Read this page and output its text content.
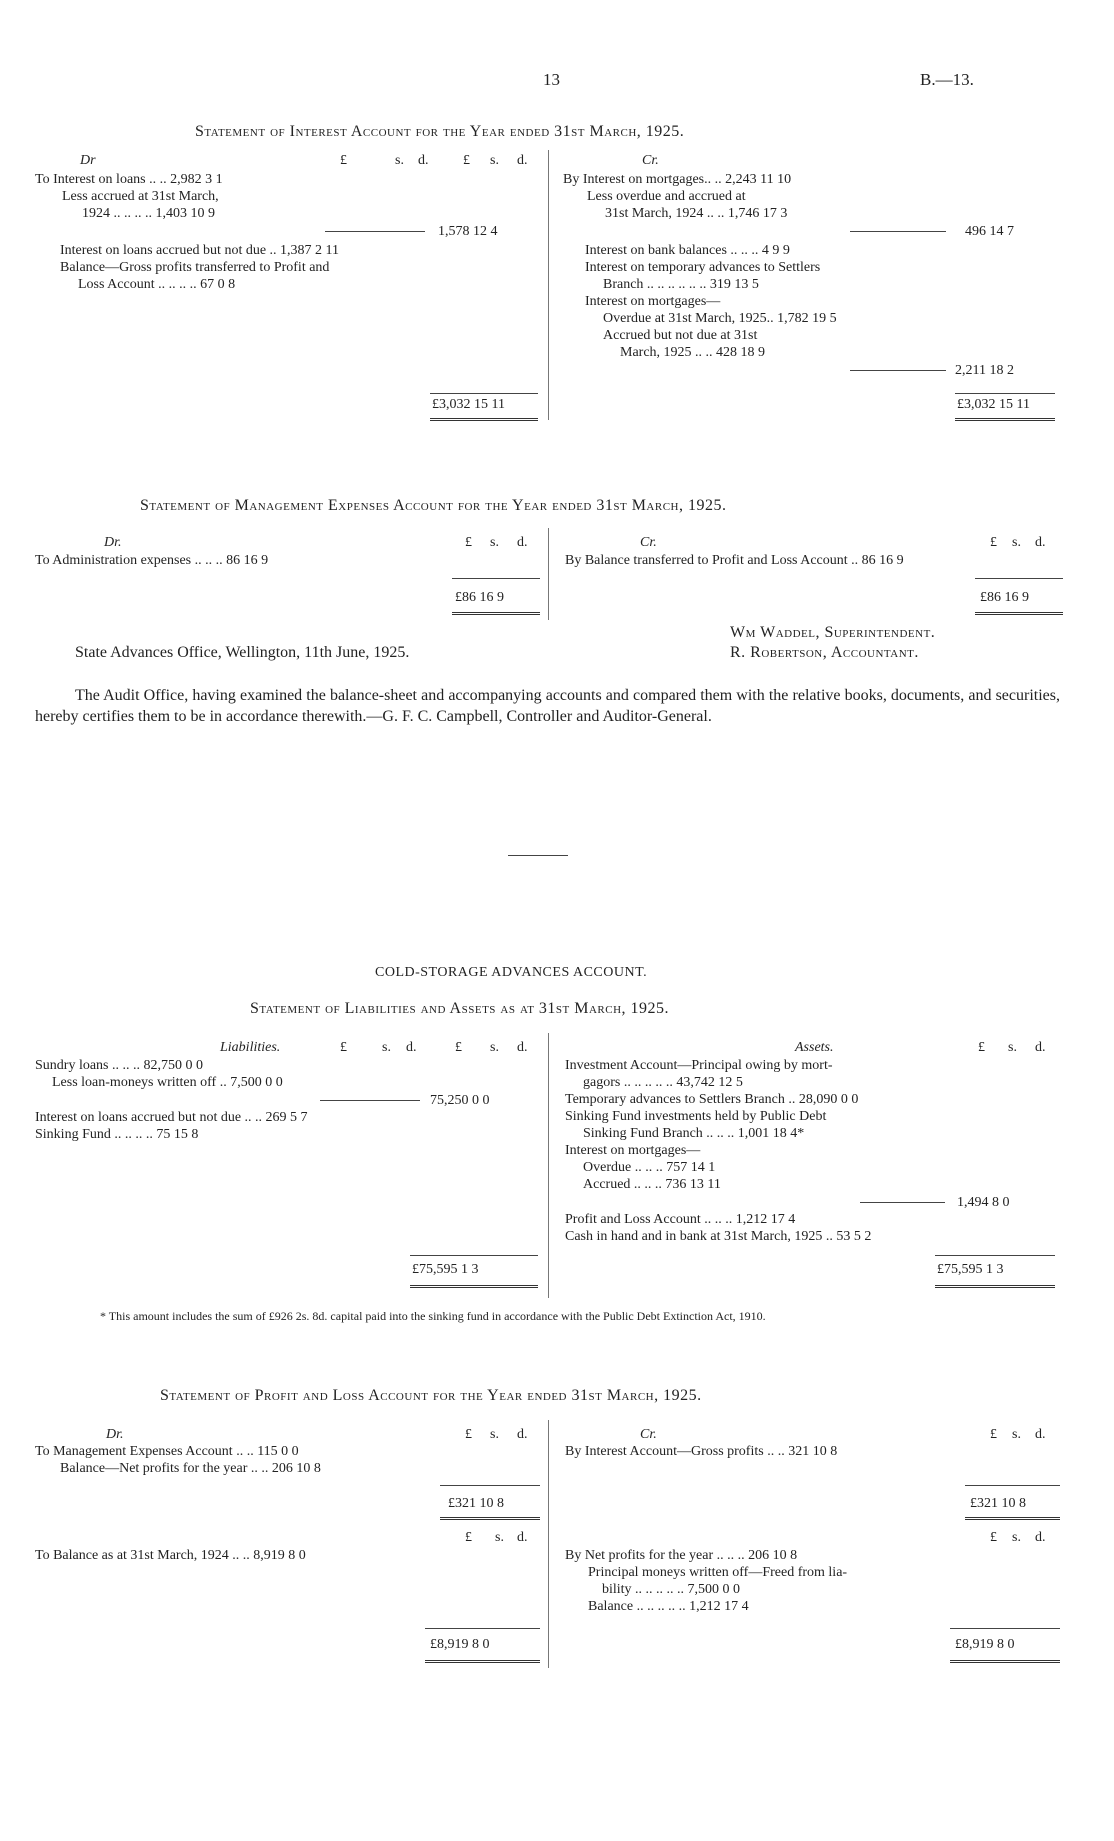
13	B.—13.
Statement of Interest Account for the Year ended 31st March, 1925.
Dr	£	s. d. £ s. d.
To Interest on loans .. .. 2,982 3 1
Less accrued at 31st March,
1924 .. .. .. .. 1,403 10 9
1,578 12 4
Interest on loans accrued but not due .. 1,387 2 11
Balance—Gross profits transferred to Profit and
Loss Account .. .. .. .. 67 0 8
£3,032 15 11
Cr.
By Interest on mortgages.. .. 2,243 11 10
Less overdue and accrued at
31st March, 1924 .. .. 1,746 17 3
496 14 7
Interest on bank balances .. .. .. 4 9 9
Interest on temporary advances to Settlers
Branch .. .. .. .. .. .. 319 13 5
Interest on mortgages—
Overdue at 31st March, 1925.. 1,782 19 5
Accrued but not due at 31st
March, 1925 .. .. 428 18 9
2,211 18 2
£3,032 15 11
Statement of Management Expenses Account for the Year ended 31st March, 1925.
Dr.	£ s. d.
To Administration expenses .. .. .. 86 16 9
£86 16 9
Cr.	£ s. d.
By Balance transferred to Profit and Loss Account .. 86 16 9
£86 16 9
Wm Waddel, Superintendent.
R. Robertson, Accountant.
State Advances Office, Wellington, 11th June, 1925.
The Audit Office, having examined the balance-sheet and accompanying accounts and compared them with the relative books, documents, and securities, hereby certifies them to be in accordance therewith.—G. F. C. Campbell, Controller and Auditor-General.
COLD-STORAGE ADVANCES ACCOUNT.
Statement of Liabilities and Assets as at 31st March, 1925.
Liabilities.	£	s. d.	£ s. d.
Sundry loans .. .. .. 82,750 0 0
Less loan-moneys written off .. 7,500 0 0
75,250 0 0
Interest on loans accrued but not due .. .. 269 5 7
Sinking Fund .. .. .. .. 75 15 8
£75,595 1 3
Assets.	£ s. d.
Investment Account—Principal owing by mort-
gagors .. .. .. .. .. 43,742 12 5
Temporary advances to Settlers Branch .. 28,090 0 0
Sinking Fund investments held by Public Debt
Sinking Fund Branch .. .. .. 1,001 18 4*
Interest on mortgages—
Overdue .. .. .. 757 14 1
Accrued .. .. .. 736 13 11
1,494 8 0
Profit and Loss Account .. .. .. 1,212 17 4
Cash in hand and in bank at 31st March, 1925 .. 53 5 2
£75,595 1 3
* This amount includes the sum of £926 2s. 8d. capital paid into the sinking fund in accordance with the Public Debt Extinction Act, 1910.
Statement of Profit and Loss Account for the Year ended 31st March, 1925.
Dr.	£ s. d.
To Management Expenses Account .. .. 115 0 0
Balance—Net profits for the year .. .. 206 10 8
£321 10 8
£ s. d.
To Balance as at 31st March, 1924 .. .. 8,919 8 0
£8,919 8 0
Cr.	£ s. d.
By Interest Account—Gross profits .. .. 321 10 8
£321 10 8
£ s. d.
By Net profits for the year .. .. .. 206 10 8
Principal moneys written off—Freed from lia-
bility .. .. .. .. .. 7,500 0 0
Balance .. .. .. .. .. 1,212 17 4
£8,919 8 0
